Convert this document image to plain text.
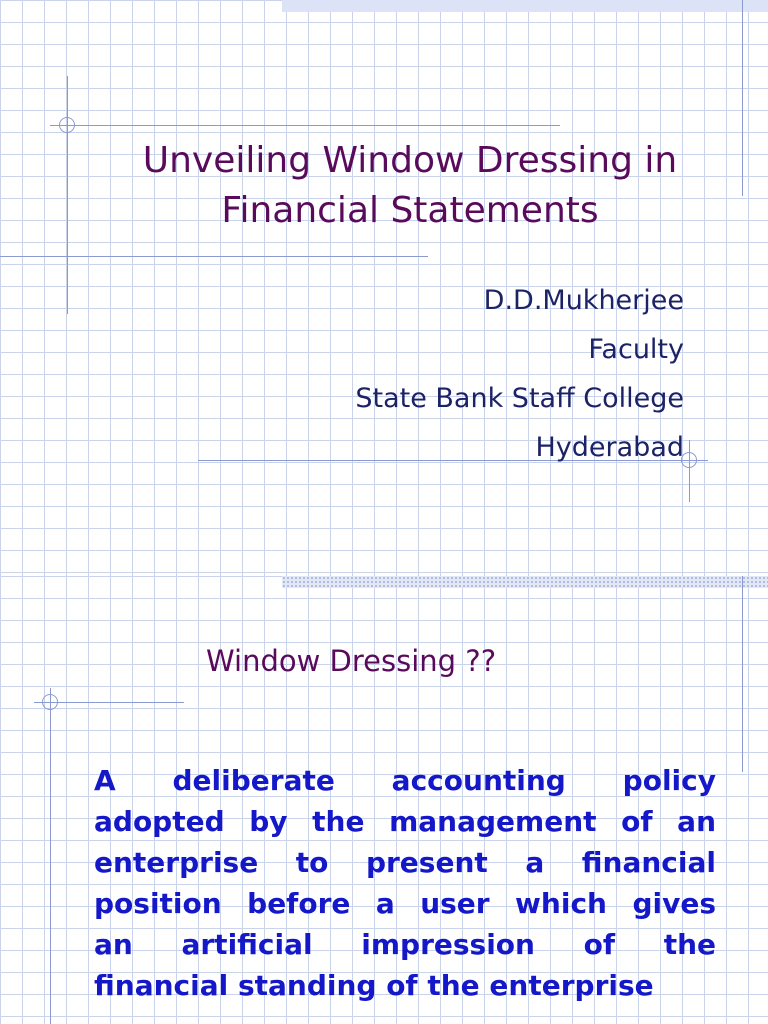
Unveiling Window Dressing in
Financial Statements
D.D.Mukherjee
Faculty
State Bank Staff College
Hyderabad
Window Dressing ??
A deliberate accounting policy
adopted by the management of an
enterprise to present a financial
position before a user which gives
an artificial impression of the
financial standing of the enterprise
